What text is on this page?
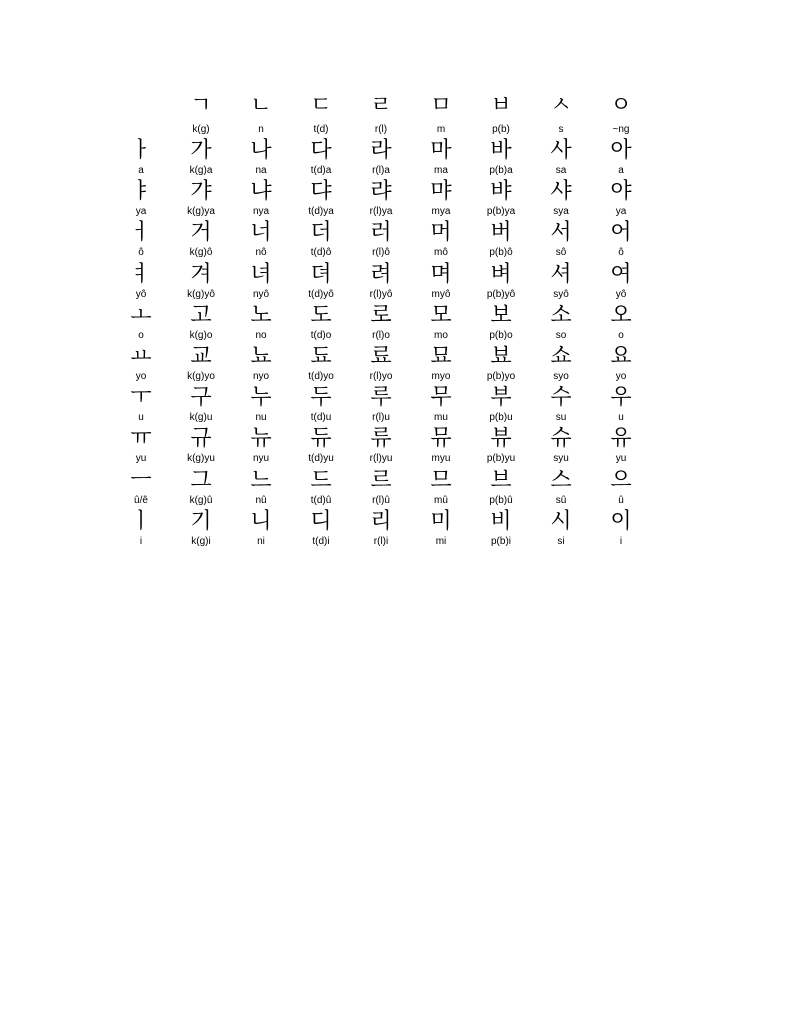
ㄱ
k(g)
ㄴ
n
ㄷ
t(d)
ㄹ
r(l)
ㅁ
m
ㅂ
p(b)
ㅅ
s
ㅇ
~ng
ㅏ
a
가
k(g)a
나
na
다
t(d)a
라
r(l)a
마
ma
바
p(b)a
사
sa
아
a
ㅑ
ya
갸
k(g)ya
냐
nya
댜
t(d)ya
랴
r(l)ya
먀
mya
뱌
p(b)ya
샤
sya
야
ya
ㅓ
ô
거
k(g)ô
너
nô
더
t(d)ô
러
r(l)ô
머
mô
버
p(b)ô
서
sô
어
ô
ㅕ
yô
겨
k(g)yô
녀
nyô
뎌
t(d)yô
려
r(l)yô
며
myô
벼
p(b)yô
셔
syô
여
yô
ㅗ
o
고
k(g)o
노
no
도
t(d)o
로
r(l)o
모
mo
보
p(b)o
소
so
오
o
ㅛ
yo
교
k(g)yo
뇨
nyo
됴
t(d)yo
료
r(l)yo
묘
myo
뵤
p(b)yo
쇼
syo
요
yo
ㅜ
u
구
k(g)u
누
nu
두
t(d)u
루
r(l)u
무
mu
부
p(b)u
수
su
우
u
ㅠ
yu
규
k(g)yu
뉴
nyu
듀
t(d)yu
류
r(l)yu
뮤
myu
뷰
p(b)yu
슈
syu
유
yu
ㅡ
û/ê
그
k(g)û
느
nû
드
t(d)û
르
r(l)û
므
mû
브
p(b)û
스
sû
으
û
ㅣ
i
기
k(g)i
니
ni
디
t(d)i
리
r(l)i
미
mi
비
p(b)i
시
si
이
i
